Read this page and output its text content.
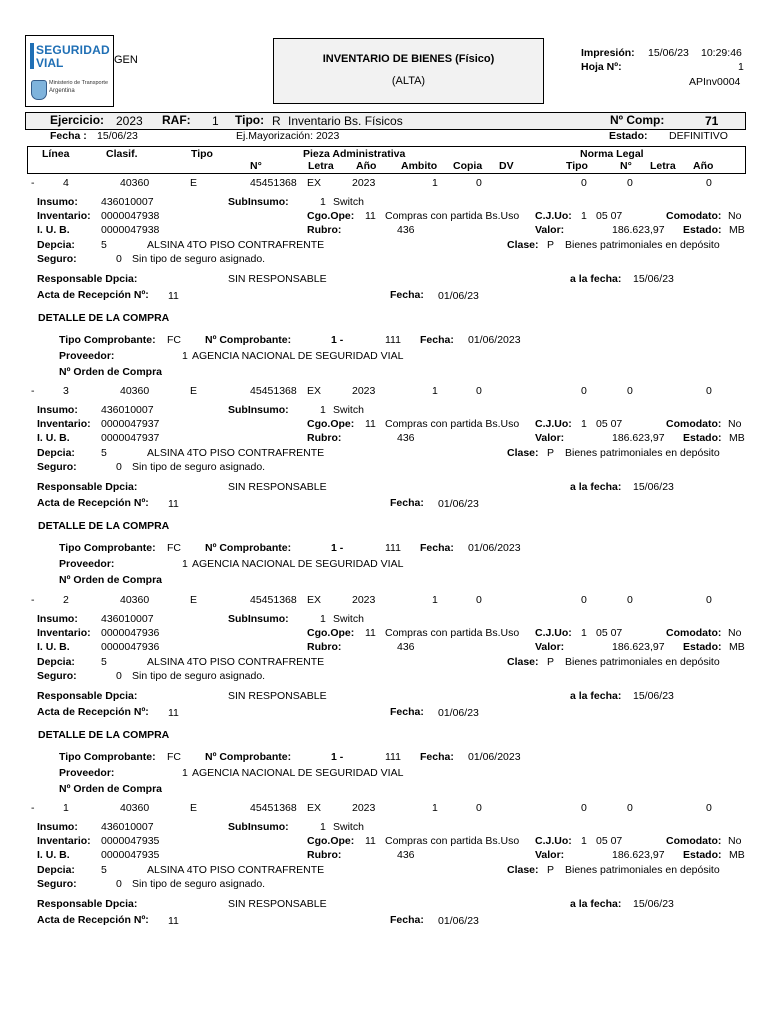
SEGURIDAD
VIAL
Ministerio de Transporte
Argentina
GEN	INVENTARIO DE BIENES (Físico)
(ALTA)
Impresión: 15/06/23 10:29:46
Hoja Nº:	1
APInv0004
Ejercicio: 2023 RAF: 1 Tipo: R Inventario Bs. Físicos	Nº Comp:	71
Fecha : 15/06/23	Ej.Mayorización: 2023	Estado: DEFINITIVO
Línea	Clasif.	Tipo	Pieza Administrativa	Norma Legal
N°	Letra Año Ambito Copia DV	Tipo	N° Letra Año
-	4	40360	E	45451368 EX	2023	1	0	0	0	0
Insumo: 436010007	SubInsumo:	1 Switch
Inventario: 0000047938	Cgo.Ope: 11 Compras con partida Bs.Uso C.J.Uo: 1 05 07	Comodato: No
I. U. B.	0000047938	Rubro:	436	Valor:	186.623,97 Estado: MB
Depcia: 5	ALSINA 4TO PISO CONTRAFRENTE	Clase: P Bienes patrimoniales en depósito
Seguro:	0 Sin tipo de seguro asignado.
Responsable Dpcia:	SIN RESPONSABLE	a la fecha: 15/06/23
Acta de Recepción Nº: 11	Fecha: 01/06/23
DETALLE DE LA COMPRA
Tipo Comprobante: FC Nº Comprobante:	1 -	111 Fecha: 01/06/2023
Proveedor:	1 AGENCIA NACIONAL DE SEGURIDAD VIAL
Nº Orden de Compra
-	3	40360	E	45451368 EX	2023	1	0	0	0	0
Insumo: 436010007	SubInsumo:	1 Switch
Inventario: 0000047937	Cgo.Ope: 11 Compras con partida Bs.Uso C.J.Uo: 1 05 07	Comodato: No
I. U. B.	0000047937	Rubro:	436	Valor:	186.623,97 Estado: MB
Depcia: 5	ALSINA 4TO PISO CONTRAFRENTE	Clase: P Bienes patrimoniales en depósito
Seguro:	0 Sin tipo de seguro asignado.
Responsable Dpcia:	SIN RESPONSABLE	a la fecha: 15/06/23
Acta de Recepción Nº: 11	Fecha: 01/06/23
DETALLE DE LA COMPRA
Tipo Comprobante: FC Nº Comprobante:	1 -	111 Fecha: 01/06/2023
Proveedor:	1 AGENCIA NACIONAL DE SEGURIDAD VIAL
Nº Orden de Compra
-	2	40360	E	45451368 EX	2023	1	0	0	0	0
Insumo: 436010007	SubInsumo:	1 Switch
Inventario: 0000047936	Cgo.Ope: 11 Compras con partida Bs.Uso C.J.Uo: 1 05 07	Comodato: No
I. U. B.	0000047936	Rubro:	436	Valor:	186.623,97 Estado: MB
Depcia: 5	ALSINA 4TO PISO CONTRAFRENTE	Clase: P Bienes patrimoniales en depósito
Seguro:	0 Sin tipo de seguro asignado.
Responsable Dpcia:	SIN RESPONSABLE	a la fecha: 15/06/23
Acta de Recepción Nº: 11	Fecha: 01/06/23
DETALLE DE LA COMPRA
Tipo Comprobante: FC Nº Comprobante:	1 -	111 Fecha: 01/06/2023
Proveedor:	1 AGENCIA NACIONAL DE SEGURIDAD VIAL
Nº Orden de Compra
-	1	40360	E	45451368 EX	2023	1	0	0	0	0
Insumo: 436010007	SubInsumo:	1 Switch
Inventario: 0000047935	Cgo.Ope: 11 Compras con partida Bs.Uso C.J.Uo: 1 05 07	Comodato: No
I. U. B.	0000047935	Rubro:	436	Valor:	186.623,97 Estado: MB
Depcia: 5	ALSINA 4TO PISO CONTRAFRENTE	Clase: P Bienes patrimoniales en depósito
Seguro:	0 Sin tipo de seguro asignado.
Responsable Dpcia:	SIN RESPONSABLE	a la fecha: 15/06/23
Acta de Recepción Nº: 11	Fecha: 01/06/23
